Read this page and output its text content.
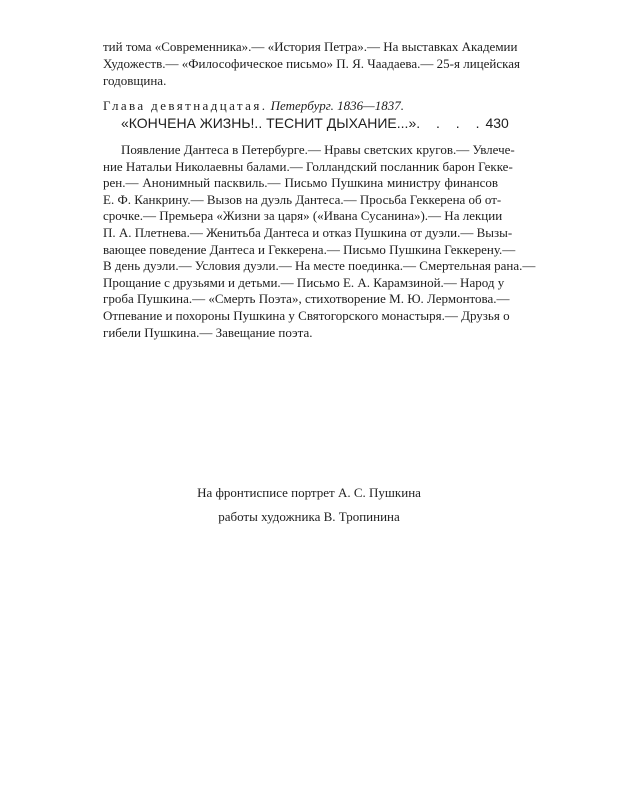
тий тома «Современника».— «История Петра».— На выставках Академии
Художеств.— «Философическое письмо» П. Я. Чаадаева.— 25-я лицейская
годовщина.
Глава девятнадцатая. Петербург. 1836—1837.
«КОНЧЕНА ЖИЗНЬ!.. ТЕСНИТ ДЫХАНИЕ...» . . . . 430
Появление Дантеса в Петербурге.— Нравы светских кругов.— Увлече-
ние Натальи Николаевны балами.— Голландский посланник барон Гекке-
рен.— Анонимный пасквиль.— Письмо Пушкина министру финансов
Е. Ф. Канкрину.— Вызов на дуэль Дантеса.— Просьба Геккерена об от-
срочке.— Премьера «Жизни за царя» («Ивана Сусанина»).— На лекции
П. А. Плетнева.— Женитьба Дантеса и отказ Пушкина от дуэли.— Вызы-
вающее поведение Дантеса и Геккерена.— Письмо Пушкина Геккерену.—
В день дуэли.— Условия дуэли.— На месте поединка.— Смертельная рана.—
Прощание с друзьями и детьми.— Письмо Е. А. Карамзиной.— Народ у
гроба Пушкина.— «Смерть Поэта», стихотворение М. Ю. Лермонтова.—
Отпевание и похороны Пушкина у Святогорского монастыря.— Друзья о
гибели Пушкина.— Завещание поэта.
На фронтисписе портрет А. С. Пушкина
работы художника В. Тропинина
